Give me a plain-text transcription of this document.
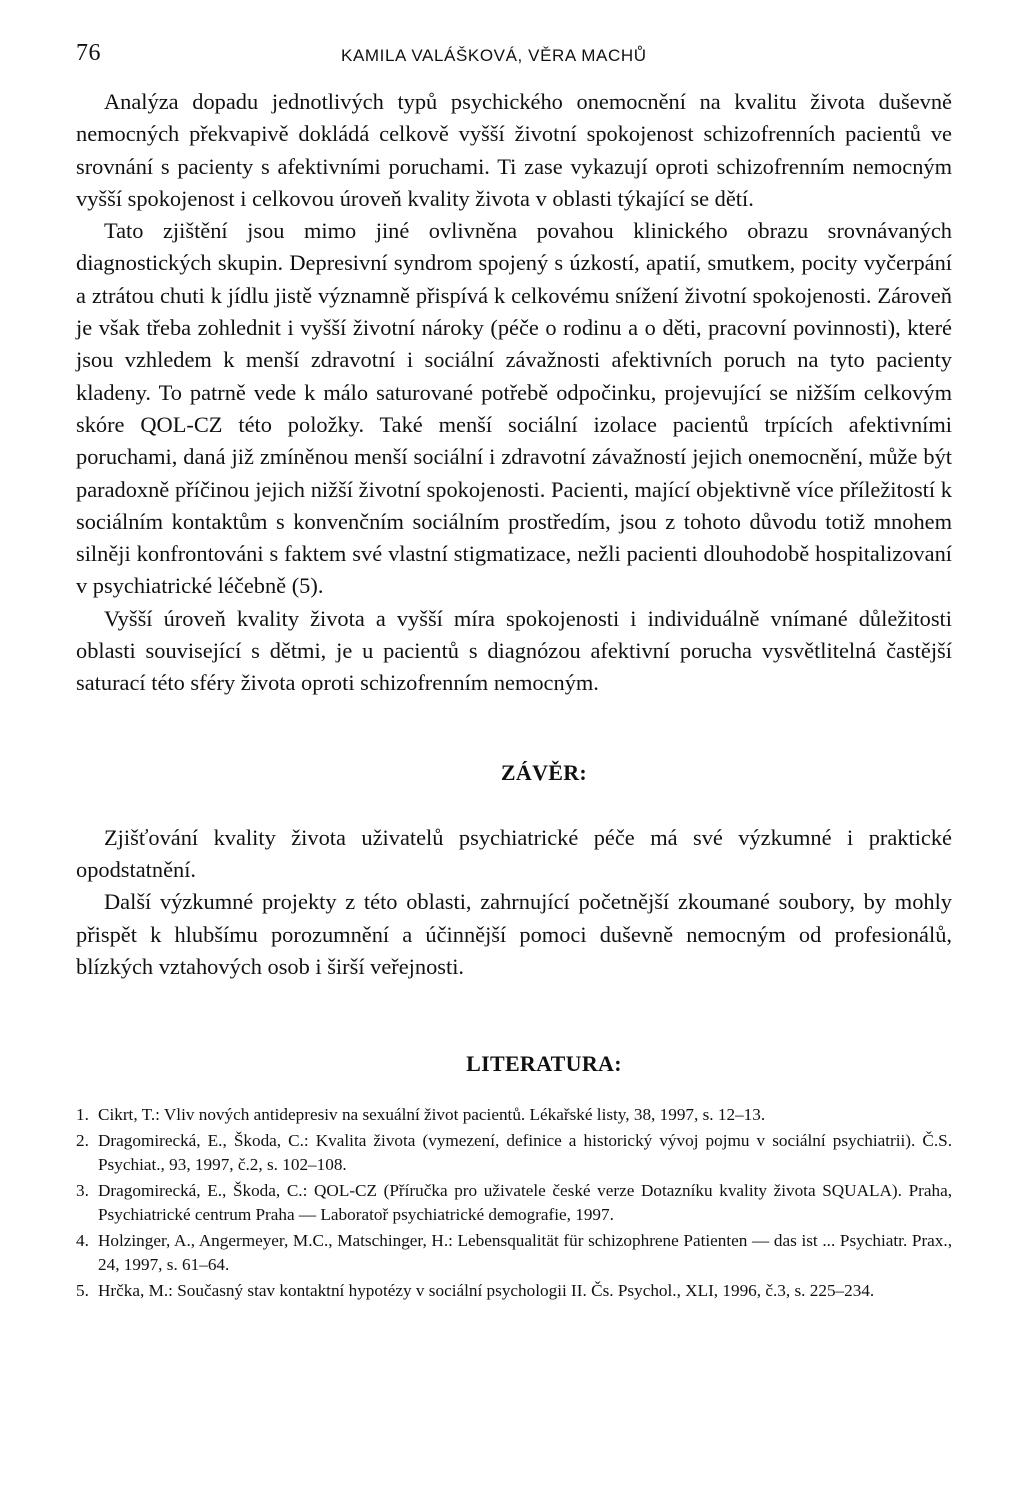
76	KAMILA VALÁŠKOVÁ, VĚRA MACHŮ

Analýza dopadu jednotlivých typů psychického onemocnění na kvalitu života duševně nemocných překvapivě dokládá celkově vyšší životní spokojenost schizofrenních pacientů ve srovnání s pacienty s afektivními poruchami. Ti zase vykazují oproti schizofrenním nemocným vyšší spokojenost i celkovou úroveň kvality života v oblasti týkající se dětí.

Tato zjištění jsou mimo jiné ovlivněna povahou klinického obrazu srovnávaných diagnostických skupin. Depresivní syndrom spojený s úzkostí, apatií, smutkem, pocity vyčerpání a ztrátou chuti k jídlu jistě významně přispívá k celkovému snížení životní spokojenosti. Zároveň je však třeba zohlednit i vyšší životní nároky (péče o rodinu a o děti, pracovní povinnosti), které jsou vzhledem k menší zdravotní i sociální závažnosti afektivních poruch na tyto pacienty kladeny. To patrně vede k málo saturované potřebě odpočinku, projevující se nižším celkovým skóre QOL-CZ této položky. Také menší sociální izolace pacientů trpících afektivními poruchami, daná již zmíněnou menší sociální i zdravotní závažností jejich onemocnění, může být paradoxně příčinou jejich nižší životní spokojenosti. Pacienti, mající objektivně více příležitostí k sociálním kontaktům s konvenčním sociálním prostředím, jsou z tohoto důvodu totiž mnohem silněji konfrontováni s faktem své vlastní stigmatizace, nežli pacienti dlouhodobě hospitalizovaní v psychiatrické léčebně (5).

Vyšší úroveň kvality života a vyšší míra spokojenosti i individuálně vnímané důležitosti oblasti související s dětmi, je u pacientů s diagnózou afektivní porucha vysvětlitelná častější saturací této sféry života oproti schizofrenním nemocným.

ZÁVĚR:

Zjišťování kvality života uživatelů psychiatrické péče má své výzkumné i praktické opodstatnění.

Další výzkumné projekty z této oblasti, zahrnující početnější zkoumané soubory, by mohly přispět k hlubšímu porozumnění a účinnější pomoci duševně nemocným od profesionálů, blízkých vztahových osob i širší veřejnosti.

LITERATURA:
1. Cikrt, T.: Vliv nových antidepresiv na sexuální život pacientů. Lékařské listy, 38, 1997, s. 12–13.
2. Dragomirecká, E., Škoda, C.: Kvalita života (vymezení, definice a historický vývoj pojmu v sociální psychiatrii). Č.S. Psychiat., 93, 1997, č.2, s. 102–108.
3. Dragomirecká, E., Škoda, C.: QOL-CZ (Příručka pro uživatele české verze Dotazníku kvality života SQUALA). Praha, Psychiatrické centrum Praha — Laboratoř psychiatrické demografie, 1997.
4. Holzinger, A., Angermeyer, M.C., Matschinger, H.: Lebensqualität für schizophrene Patienten — das ist ... Psychiatr. Prax., 24, 1997, s. 61–64.
5. Hrčka, M.: Současný stav kontaktní hypotézy v sociální psychologii II. Čs. Psychol., XLI, 1996, č.3, s. 225–234.
